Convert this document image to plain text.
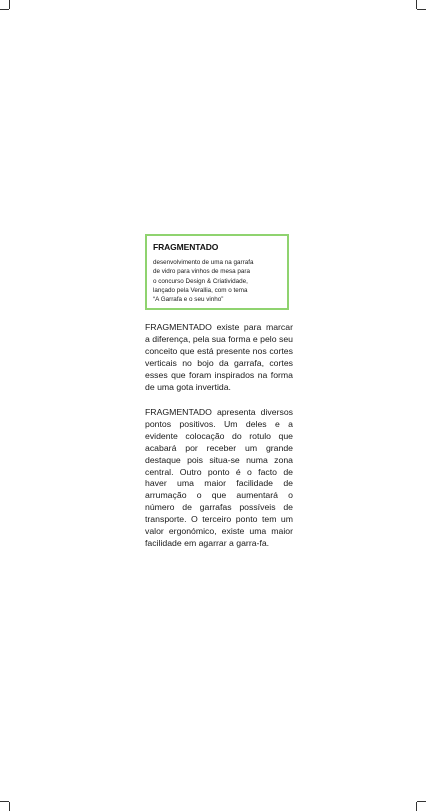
FRAGMENTADO

desenvolvimento de uma na garrafa
de vidro para vinhos de mesa para
o concurso Design & Criatividade,
lançado pela Verallia, com o tema
“A Garrafa e o seu vinho”

FRAGMENTADO existe para marcar a diferença, pela sua forma e pelo seu conceito que está presente nos cortes verticais no bojo da garrafa, cortes esses que foram inspirados na forma de uma gota invertida.

FRAGMENTADO apresenta diversos pontos positivos. Um deles e a evidente colocação do rotulo que acabará por receber um grande destaque pois situa-se numa zona central. Outro ponto é o facto de haver uma maior facilidade de arrumação o que aumentará o número de garrafas possíveis de transporte. O terceiro ponto tem um valor ergonómico, existe uma maior facilidade em agarrar a garra-fa.
